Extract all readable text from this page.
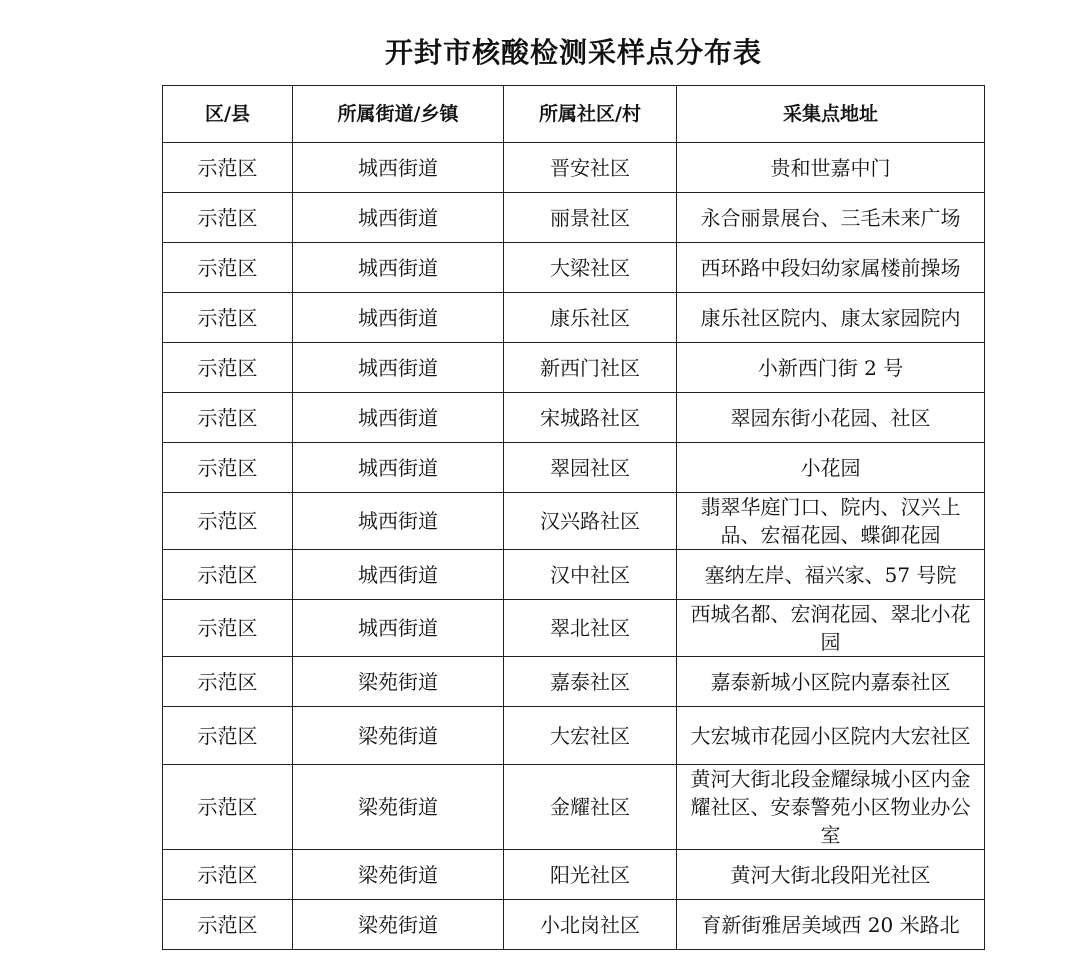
开封市核酸检测采样点分布表
区/县	所属街道/乡镇	所属社区/村	采集点地址
示范区	城西街道	晋安社区	贵和世嘉中门
示范区	城西街道	丽景社区	永合丽景展台、三毛未来广场
示范区	城西街道	大梁社区	西环路中段妇幼家属楼前操场
示范区	城西街道	康乐社区	康乐社区院内、康太家园院内
示范区	城西街道	新西门社区	小新西门街 2 号
示范区	城西街道	宋城路社区	翠园东街小花园、社区
示范区	城西街道	翠园社区	小花园
示范区	城西街道	汉兴路社区	翡翠华庭门口、院内、汉兴上品、宏福花园、蝶御花园
示范区	城西街道	汉中社区	塞纳左岸、福兴家、57 号院
示范区	城西街道	翠北社区	西城名都、宏润花园、翠北小花园
示范区	梁苑街道	嘉泰社区	嘉泰新城小区院内嘉泰社区
示范区	梁苑街道	大宏社区	大宏城市花园小区院内大宏社区
示范区	梁苑街道	金耀社区	黄河大街北段金耀绿城小区内金耀社区、安泰警苑小区物业办公室
示范区	梁苑街道	阳光社区	黄河大街北段阳光社区
示范区	梁苑街道	小北岗社区	育新街雅居美域西 20 米路北
